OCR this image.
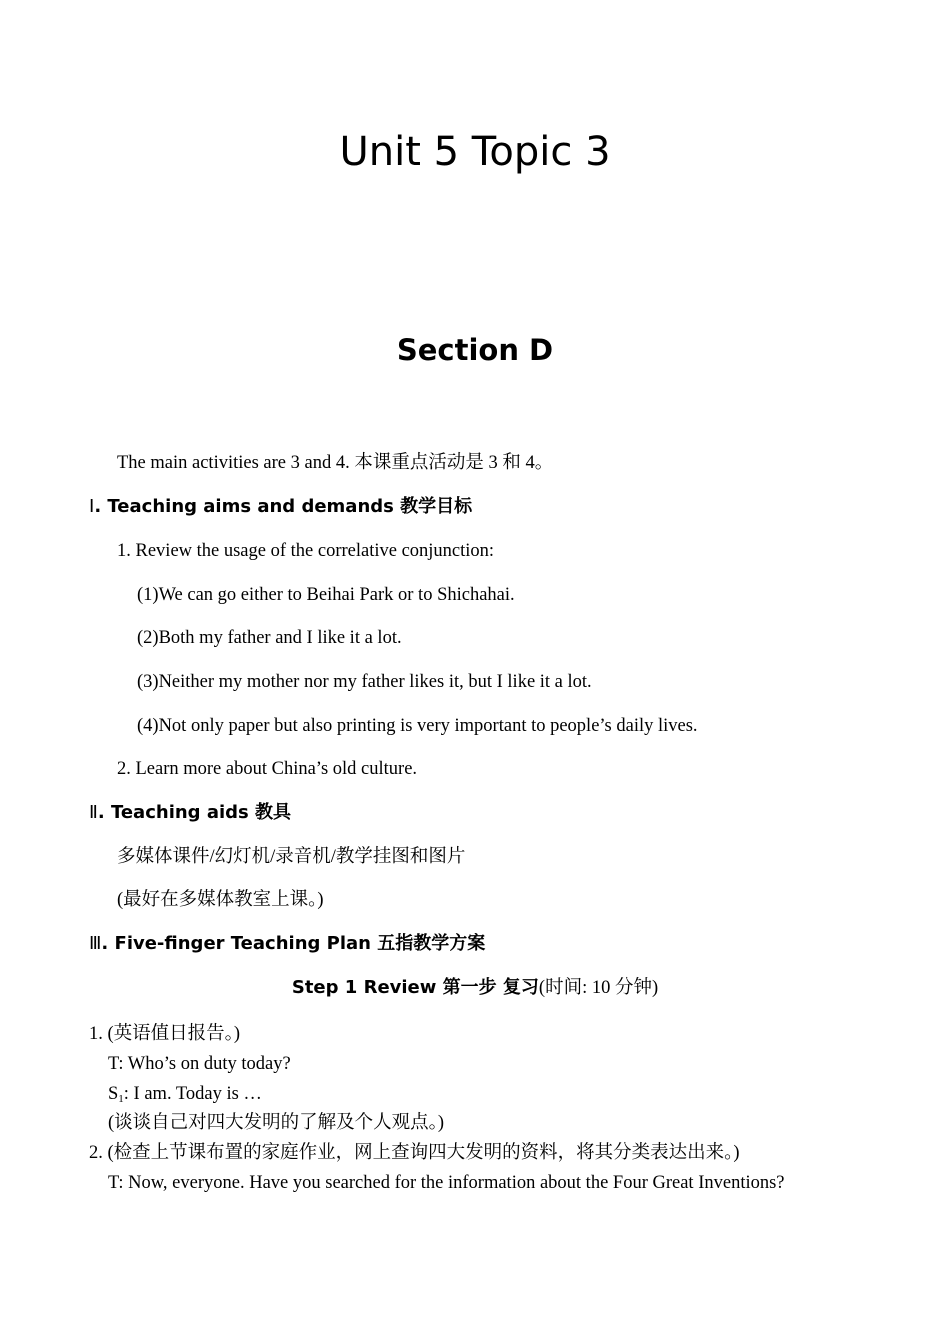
Unit 5 Topic 3
Section D
The main activities are 3 and 4. 本课重点活动是 3 和 4。
Ⅰ. Teaching aims and demands 教学目标
1. Review the usage of the correlative conjunction:
(1)We can go either to Beihai Park or to Shichahai.
(2)Both my father and I like it a lot.
(3)Neither my mother nor my father likes it, but I like it a lot.
(4)Not only paper but also printing is very important to people’s daily lives.
2. Learn more about China’s old culture.
Ⅱ. Teaching aids 教具
多媒体课件/幻灯机/录音机/教学挂图和图片
(最好在多媒体教室上课。)
Ⅲ. Five-finger Teaching Plan 五指教学方案
Step 1 Review 第一步 复习(时间: 10 分钟)
1. (英语值日报告。)
T: Who’s on duty today?
$S_1$: I am. Today is …
(谈谈自己对四大发明的了解及个人观点。)
2. (检查上节课布置的家庭作业，网上查询四大发明的资料，将其分类表达出来。)
T: Now, everyone. Have you searched for the information about the Four Great Inventions?
